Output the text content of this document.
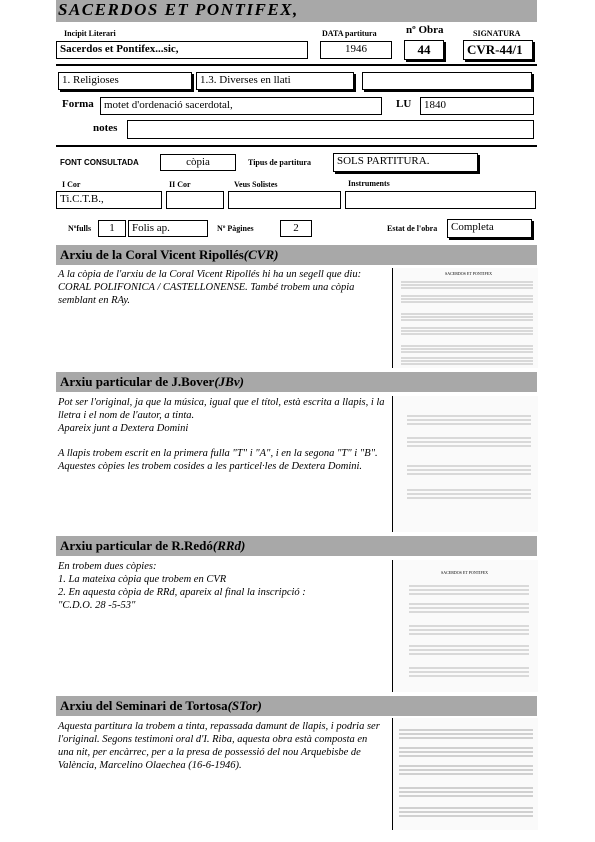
SACERDOS ET PONTIFEX,
Incipit Literari	DATA partitura	nº Obra	SIGNATURA
Sacerdos et Pontifex...sic,	1946	44	CVR-44/1
1. Religioses	1.3. Diverses en llati
Forma motet d'ordenació sacerdotal,	LU	1840
notes
FONT CONSULTADA	còpia	Tipus de partitura	SOLS PARTITURA.
I Cor	II Cor	Veus Solistes	Instruments
Ti.C.T.B.,
Nºfulls	1	Folis ap.	Nº Pàgines	2	Estat de l'obra	Completa
Arxiu de la Coral Vicent Ripollés(CVR)
A la còpia de l'arxiu de la Coral Vicent Ripollés hi ha un segell que diu: CORAL POLIFONICA / CASTELLONENSE. També trobem una còpia semblant en RAy.
SACERDOS ET PONTIFEX
Arxiu particular de J.Bover(JBv)
Pot ser l'original, ja que la música, igual que el títol, està escrita a llapis, i la lletra i el nom de l'autor, a tinta.
Apareix junt a Dextera Domini
A llapis trobem escrit en la primera fulla "T" i "A", i en la segona "T" i "B".
Aquestes còpies les trobem cosides a les particel·les de Dextera Domini.
Arxiu particular de R.Redó(RRd)
En trobem dues còpies:
1. La mateixa còpia que trobem en CVR
2. En aquesta còpia de RRd, apareix al final la inscripció :
"C.D.O. 28 -5-53"
SACERDOS ET PONTIFEX
Arxiu del Seminari de Tortosa(STor)
Aquesta partitura la trobem a tinta, repassada damunt de llapis, i podria ser l'original. Segons testimoni oral d'I. Riba, aquesta obra està composta en una nit, per encàrrec, per a la presa de possessió del nou Arquebisbe de València, Marcelino Olaechea (16-6-1946).
